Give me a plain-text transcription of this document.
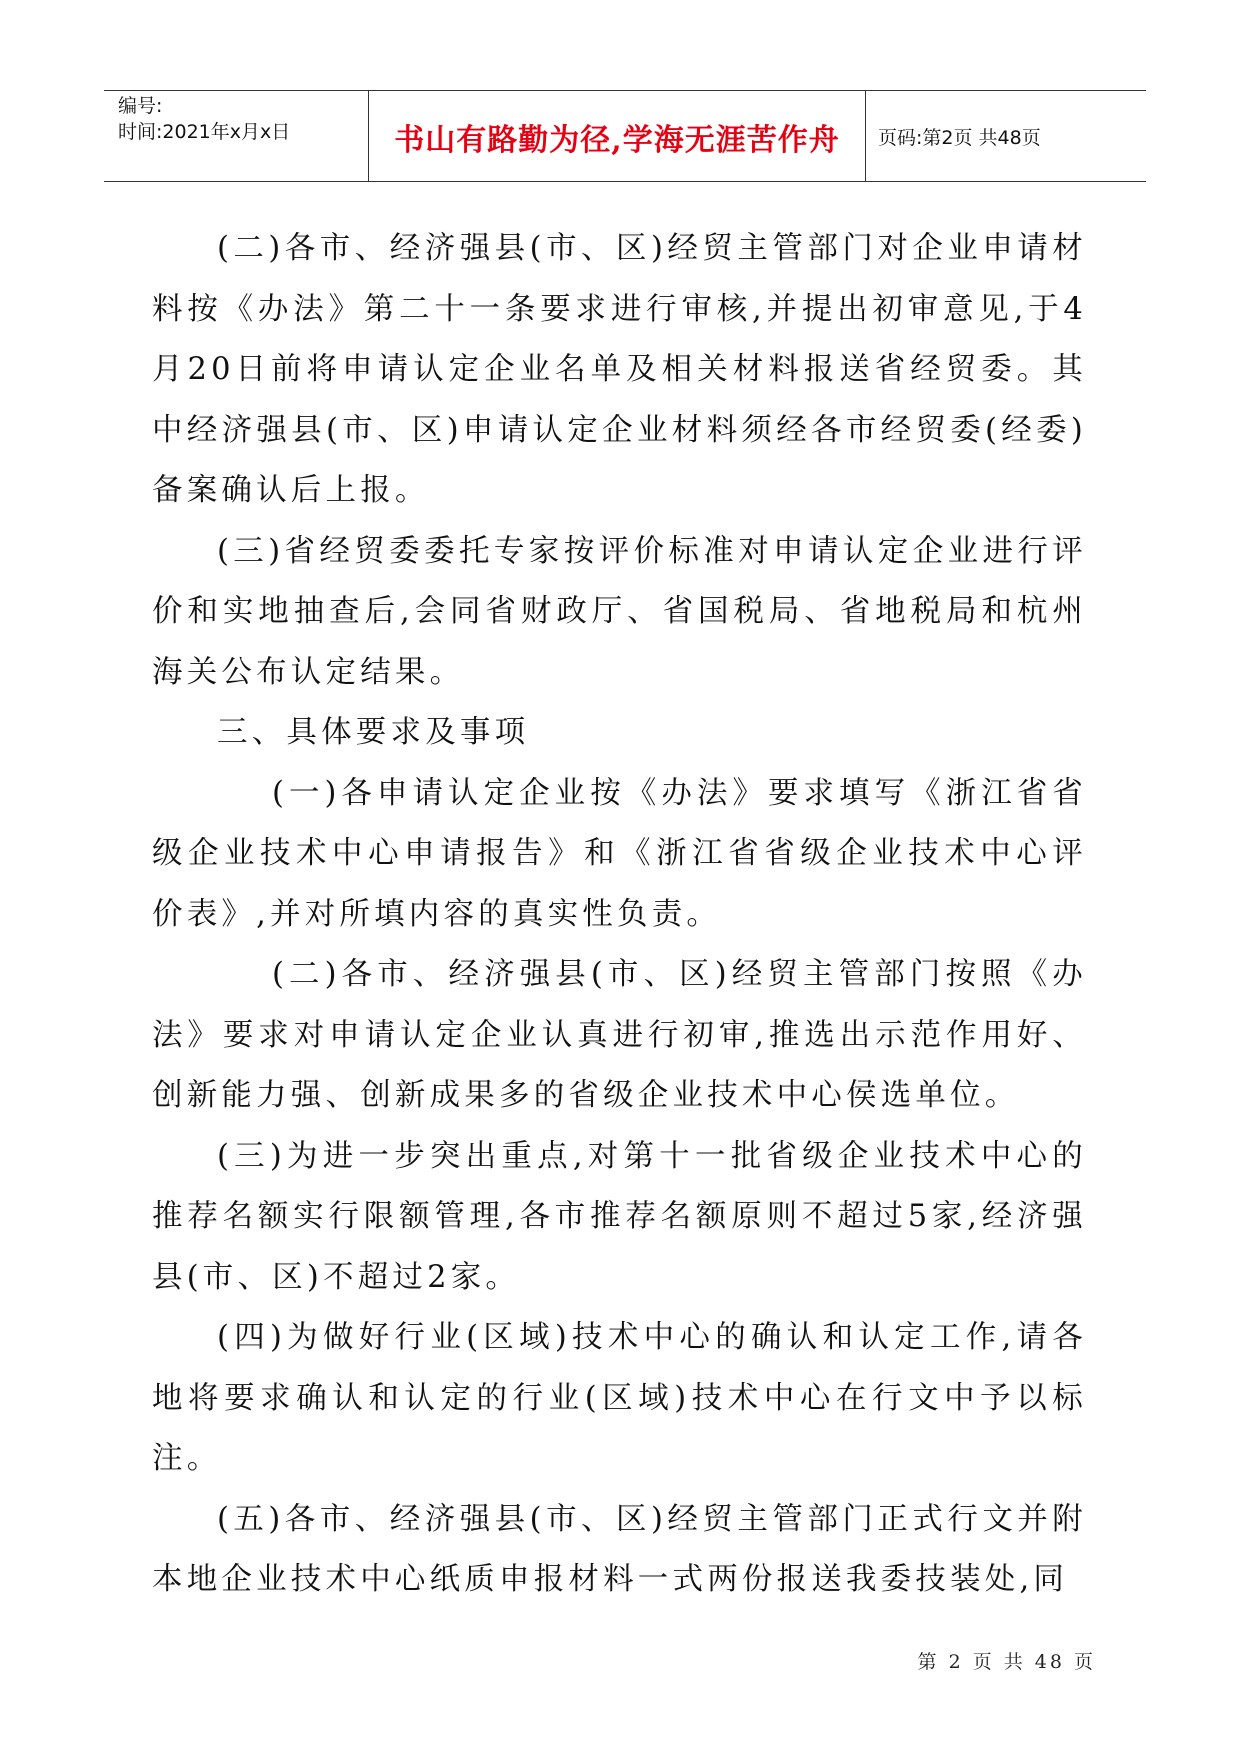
编号:
时间:2021年x月x日	书山有路勤为径,学海无涯苦作舟 页码:第2页 共48页

(二)各市、经济强县(市、区)经贸主管部门对企业申请材料按《办法》第二十一条要求进行审核,并提出初审意见,于4月20日前将申请认定企业名单及相关材料报送省经贸委。其中经济强县(市、区)申请认定企业材料须经各市经贸委(经委)备案确认后上报。

(三)省经贸委委托专家按评价标准对申请认定企业进行评价和实地抽查后,会同省财政厅、省国税局、省地税局和杭州海关公布认定结果。

三、具体要求及事项

(一)各申请认定企业按《办法》要求填写《浙江省省级企业技术中心申请报告》和《浙江省省级企业技术中心评价表》,并对所填内容的真实性负责。

(二)各市、经济强县(市、区)经贸主管部门按照《办法》要求对申请认定企业认真进行初审,推选出示范作用好、创新能力强、创新成果多的省级企业技术中心侯选单位。

(三)为进一步突出重点,对第十一批省级企业技术中心的推荐名额实行限额管理,各市推荐名额原则不超过5家,经济强县(市、区)不超过2家。

(四)为做好行业(区域)技术中心的确认和认定工作,请各地将要求确认和认定的行业(区域)技术中心在行文中予以标注。

(五)各市、经济强县(市、区)经贸主管部门正式行文并附本地企业技术中心纸质申报材料一式两份报送我委技装处,同

第 2 页 共 48 页
